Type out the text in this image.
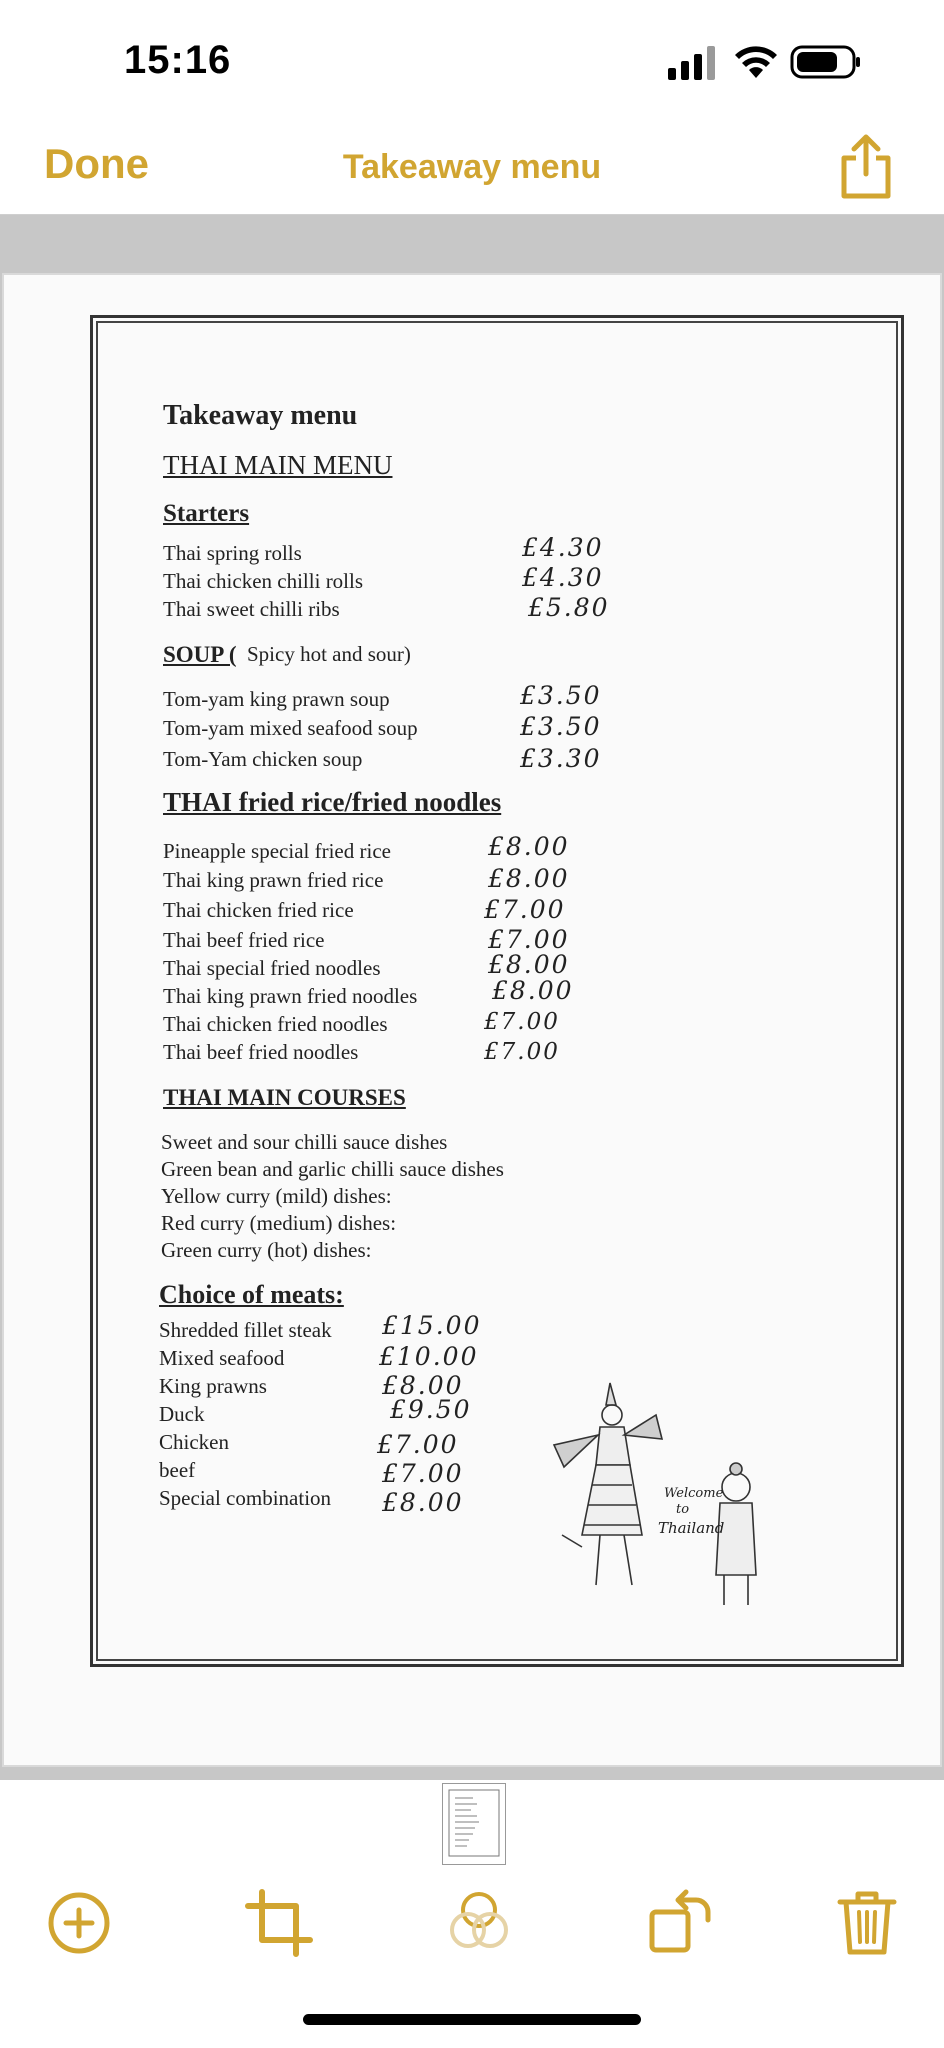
15:16
Done	Takeaway menu
Takeaway menu
THAI MAIN MENU
Starters
Thai spring rolls	£4.30
Thai chicken chilli rolls	£4.30
Thai sweet chilli ribs	£5.80
SOUP ( Spicy hot and sour)
Tom-yam king prawn soup	£3.50
Tom-yam mixed seafood soup	£3.50
Tom-Yam chicken soup	£3.30
THAI fried rice/fried noodles
Pineapple special fried rice	£8.00
Thai king prawn fried rice	£8.00
Thai chicken fried rice	£7.00
Thai beef fried rice	£7.00
Thai special fried noodles	£8.00
Thai king prawn fried noodles	£8.00
Thai chicken fried noodles	£7.00
Thai beef fried noodles	£7.00
THAI MAIN COURSES
Sweet and sour chilli sauce dishes
Green bean and garlic chilli sauce dishes
Yellow curry (mild) dishes:
Red curry (medium) dishes:
Green curry (hot) dishes:
Choice of meats:
Shredded fillet steak £15.00
Mixed seafood	£10.00
King prawns	£8.00
Duck	£9.50
Chicken	£7.00
beef	£7.00
Special combination £8.00	Welcome
to
Thailand
